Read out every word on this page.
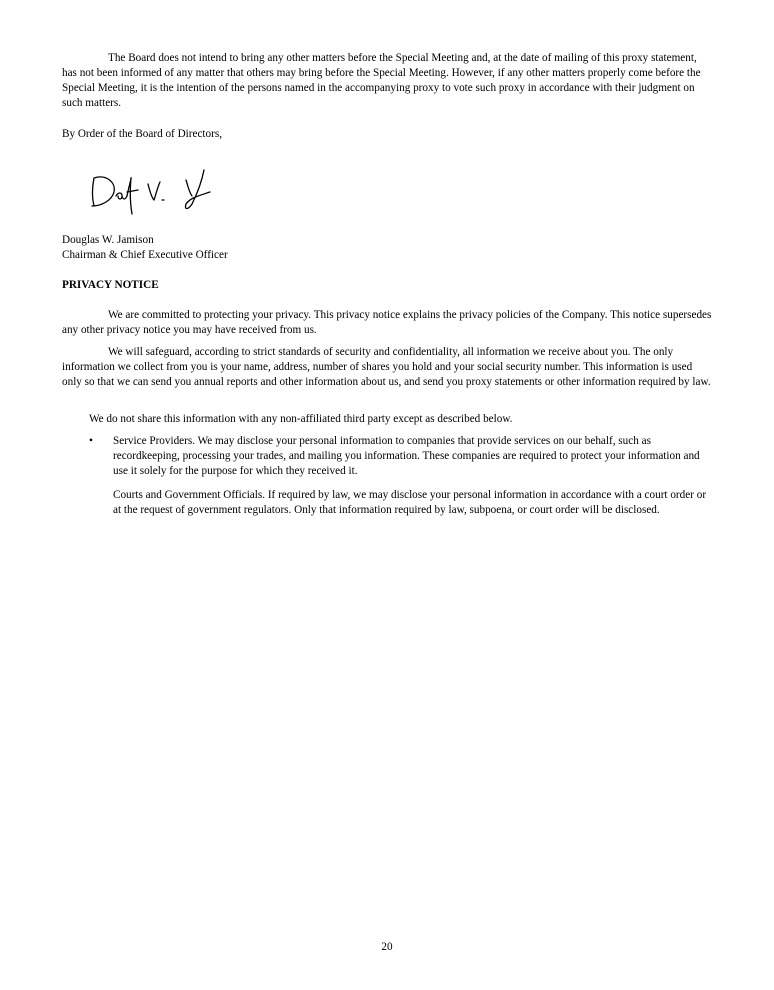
The Board does not intend to bring any other matters before the Special Meeting and, at the date of mailing of this proxy statement, has not been informed of any matter that others may bring before the Special Meeting. However, if any other matters properly come before the Special Meeting, it is the intention of the persons named in the accompanying proxy to vote such proxy in accordance with their judgment on such matters.

By Order of the Board of Directors,

Douglas W. Jamison
Chairman & Chief Executive Officer

PRIVACY NOTICE

We are committed to protecting your privacy. This privacy notice explains the privacy policies of the Company. This notice supersedes any other privacy notice you may have received from us.

We will safeguard, according to strict standards of security and confidentiality, all information we receive about you. The only information we collect from you is your name, address, number of shares you hold and your social security number. This information is used only so that we can send you annual reports and other information about us, and send you proxy statements or other information required by law.

We do not share this information with any non-affiliated third party except as described below.

•	Service Providers. We may disclose your personal information to companies that provide services on our behalf, such as recordkeeping, processing your trades, and mailing you information. These companies are required to protect your information and use it solely for the purpose for which they received it.

Courts and Government Officials. If required by law, we may disclose your personal information in accordance with a court order or at the request of government regulators. Only that information required by law, subpoena, or court order will be disclosed.

20
